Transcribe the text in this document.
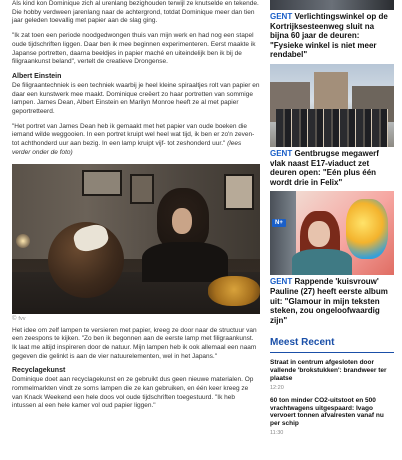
Als kind kon Dominique zich al urenlang bezighouden terwijl ze knutselde en tekende. Die hobby verdween jarenlang naar de achtergrond, totdat Dominique meer dan tien jaar geleden toevallig met papier aan de slag ging.

"Ik zat toen een periode noodgedwongen thuis van mijn werk en had nog een stapel oude tijdschriften liggen. Daar ben ik mee beginnen experimenteren. Eerst maakte ik Japanse portretten, daarna beeldjes in papier maché en uiteindelijk ben ik bij de filigraankunst beland", vertelt de creatieve Drongense.

Albert Einstein

De filigraantechniek is een techniek waarbij je heel kleine spiraaltjes rolt van papier en daar een kunstwerk mee maakt. Dominique creëert zo haar portretten van sommige lampen. James Dean, Albert Einstein en Marilyn Monroe heeft ze al met papier geportretteerd.

"Het portret van James Dean heb ik gemaakt met het papier van oude boeken die iemand wilde weggooien. In een portret kruipt wel heel wat tijd, ik ben er zo'n zeven- tot achthonderd uur aan bezig. In een lamp kruipt vijf- tot zeshonderd uur." (lees verder onder de foto)

© fvv

Het idee om zelf lampen te versieren met papier, kreeg ze door naar de structuur van een zeespons te kijken. "Zo ben ik begonnen aan de eerste lamp met filigraankunst. Ik laat me altijd inspireren door de natuur. Mijn lampen heb ik ook allemaal een naam gegeven die gelinkt is aan de vier natuurelementen, wel in het Japans."

Recyclagekunst

Dominique doet aan recyclagekunst en ze gebruikt dus geen nieuwe materialen. Op rommelmarkten vindt ze soms lampen die ze kan gebruiken, en één keer kreeg ze van Knack Weekend een hele doos vol oude tijdschriften toegestuurd. "Ik heb intussen al een hele kamer vol oud papier liggen."

GENT Verlichtingswinkel op de Kortrijksesteenweg sluit na bijna 60 jaar de deuren: "Fysieke winkel is niet meer rendabel"
GENT Gentbrugse megawerf vlak naast E17-viaduct zet deuren open: "Eén plus één wordt drie in Felix"
N+
GENT Rappende 'kuisvrouw' Pauline (27) heeft eerste album uit: "Glamour in mijn teksten steken, zou ongeloofwaardig zijn"
Meest Recent
Straat in centrum afgesloten door vallende 'brokstukken': brandweer ter plaatse
12:20
60 ton minder CO2-uitstoot en 500 vrachtwagens uitgespaard: Ivago vervoert tonnen afvalresten vanaf nu per schip
11:30
